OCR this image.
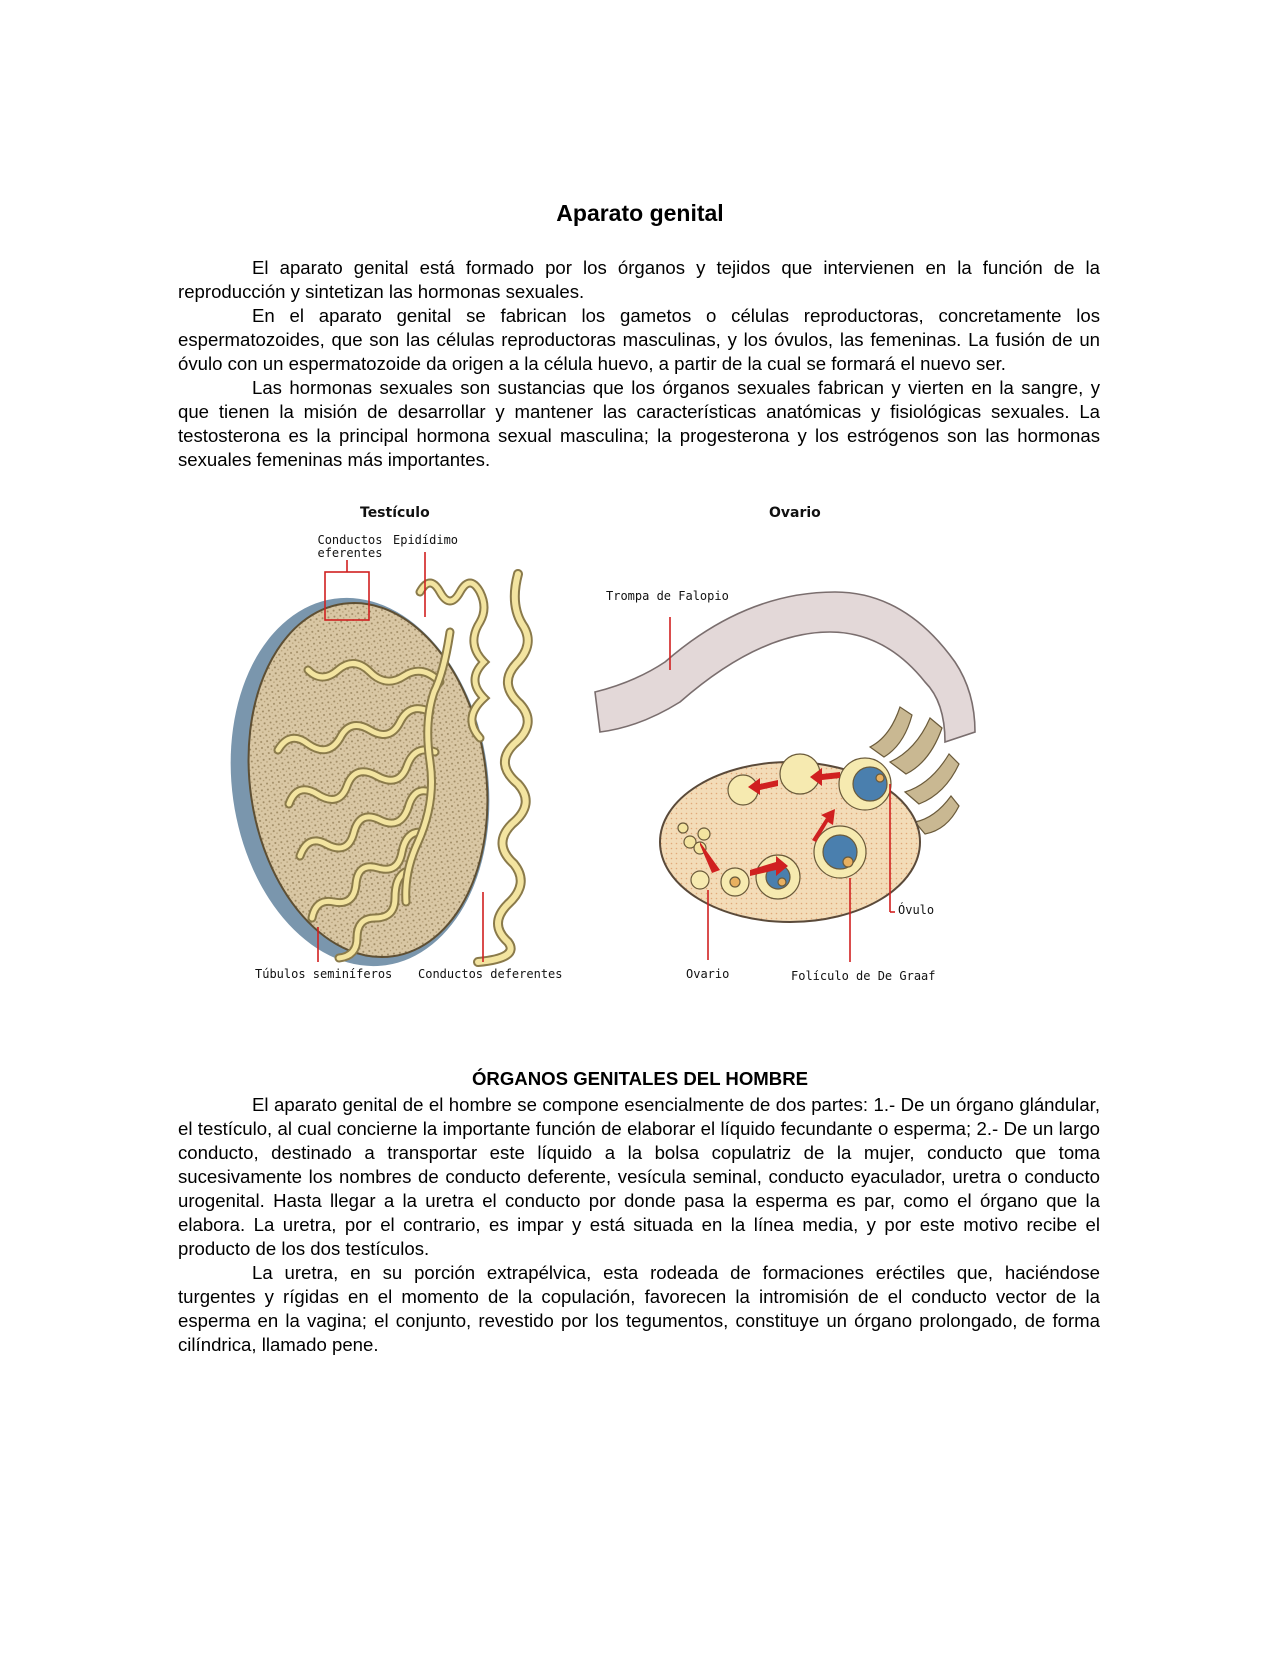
Aparato genital

El aparato genital está formado por los órganos y tejidos que intervienen en la función de la reproducción y sintetizan las hormonas sexuales.

En el aparato genital se fabrican los gametos o células reproductoras, concretamente los espermatozoides, que son las células reproductoras masculinas, y los óvulos, las femeninas. La fusión de un óvulo con un espermatozoide da origen a la célula huevo, a partir de la cual se formará el nuevo ser.

Las hormonas sexuales son sustancias que los órganos sexuales fabrican y vierten en la sangre, y que tienen la misión de desarrollar y mantener las características anatómicas y fisiológicas sexuales. La testosterona es la principal hormona sexual masculina; la progesterona y los estrógenos son las hormonas sexuales femeninas más importantes.

Testículo
Conductos eferentes
Epidídimo
Túbulos seminíferos Conductos deferentes
Ovario
Trompa de Falopio
Óvulo
Ovario	Folículo de De Graaf
ÓRGANOS GENITALES DEL HOMBRE

El aparato genital de el hombre se compone esencialmente de dos partes: 1.- De un órgano glándular, el testículo, al cual concierne la importante función de elaborar el líquido fecundante o esperma; 2.- De un largo conducto, destinado a transportar este líquido a la bolsa copulatriz de la mujer, conducto que toma sucesivamente los nombres de conducto deferente, vesícula seminal, conducto eyaculador, uretra o conducto urogenital. Hasta llegar a la uretra el conducto por donde pasa la esperma es par, como el órgano que la elabora. La uretra, por el contrario, es impar y está situada en la línea media, y por este motivo recibe el producto de los dos testículos.

La uretra, en su porción extrapélvica, esta rodeada de formaciones eréctiles que, haciéndose turgentes y rígidas en el momento de la copulación, favorecen la intromisión de el conducto vector de la esperma en la vagina; el conjunto, revestido por los tegumentos, constituye un órgano prolongado, de forma cilíndrica, llamado pene.
